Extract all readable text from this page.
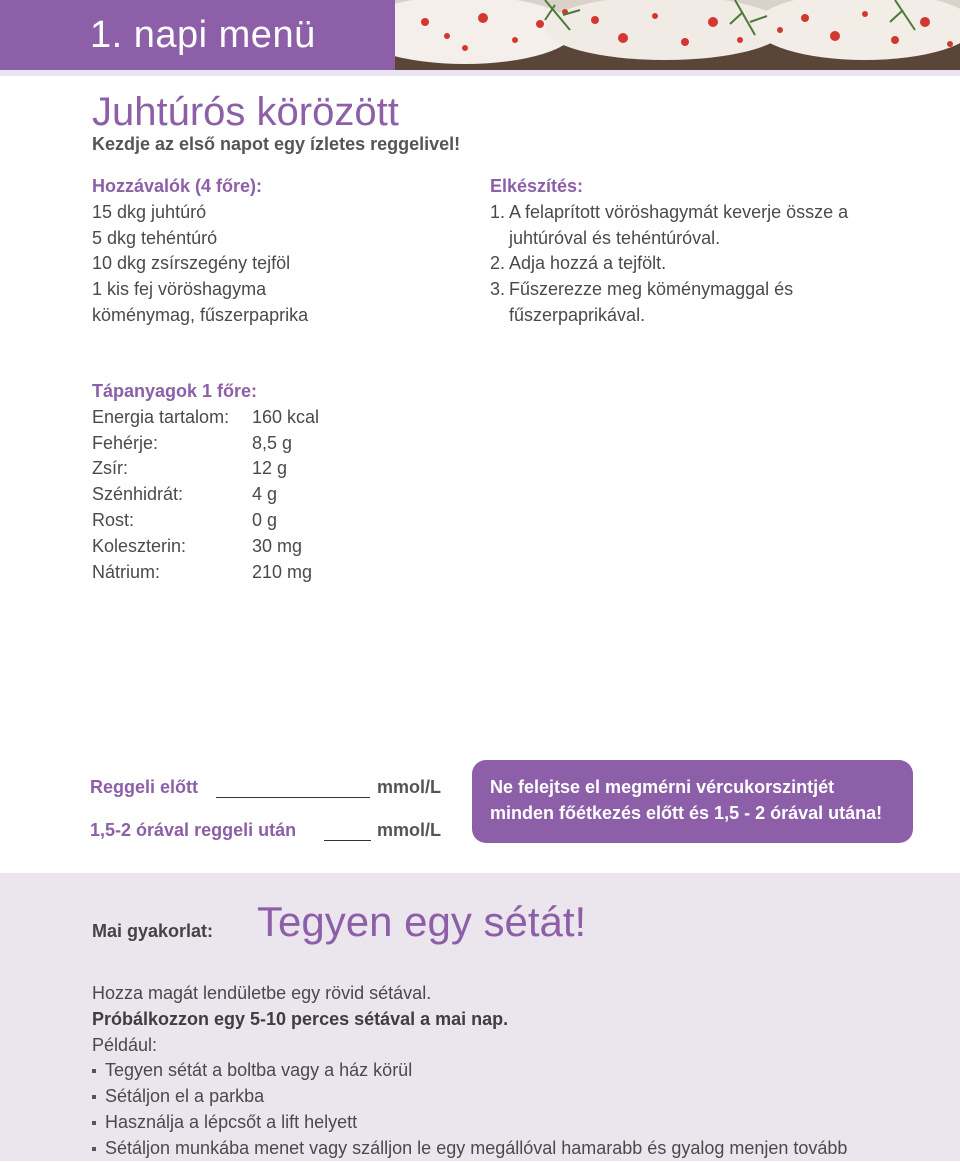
1. napi menü
Juhtúrós körözött
Kezdje az első napot egy ízletes reggelivel!
Hozzávalók (4 főre):
15 dkg juhtúró
5 dkg tehéntúró
10 dkg zsírszegény tejföl
1 kis fej vöröshagyma
köménymag, fűszerpaprika
Elkészítés:
1. A felaprított vöröshagymát keverje össze a
juhtúróval és tehéntúróval.
2. Adja hozzá a tejfölt.
3. Fűszerezze meg köménymaggal és
fűszerpaprikával.
Tápanyagok 1 főre:
Energia tartalom:	160 kcal
Fehérje:	8,5 g
Zsír:	12 g
Szénhidrát:	4 g
Rost:	0 g
Koleszterin:	30 mg
Nátrium:	210 mg
Reggeli előtt	mmol/L
1,5-2 órával reggeli után	mmol/L
Ne felejtse el megmérni vércukorszintjét
minden főétkezés előtt és 1,5 - 2 órával utána!
Mai gyakorlat: Tegyen egy sétát!
Hozza magát lendületbe egy rövid sétával.
Próbálkozzon egy 5-10 perces sétával a mai nap.
Például:
Tegyen sétát a boltba vagy a ház körül
Sétáljon el a parkba
Használja a lépcsőt a lift helyett
Sétáljon munkába menet vagy szálljon le egy megállóval hamarabb és gyalog menjen tovább
